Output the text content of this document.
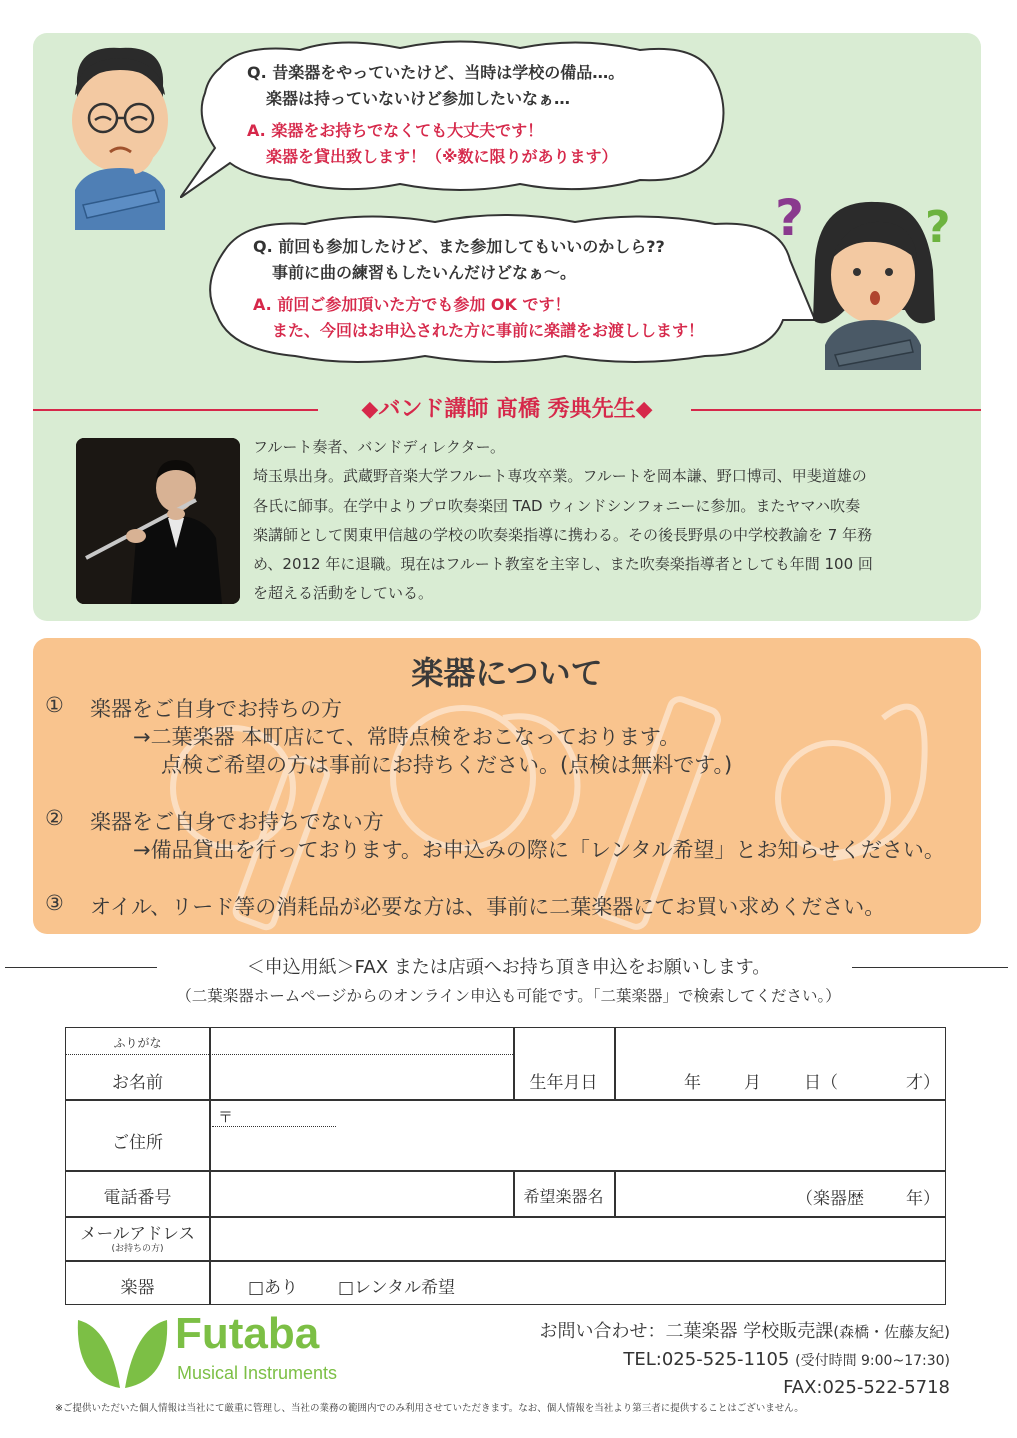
Q. 昔楽器をやっていたけど、当時は学校の備品…。
楽器は持っていないけど参加したいなぁ…
A. 楽器をお持ちでなくても大丈夫です！
楽器を貸出致します！（※数に限りがあります）
Q. 前回も参加したけど、また参加してもいいのかしら??
事前に曲の練習もしたいんだけどなぁ〜。
A. 前回ご参加頂いた方でも参加 OK です！
また、今回はお申込された方に事前に楽譜をお渡しします！
?	?
◆バンド講師 髙橋 秀典先生◆
フルート奏者、バンドディレクター。
埼玉県出身。武蔵野音楽大学フルート専攻卒業。フルートを岡本謙、野口博司、甲斐道雄の
各氏に師事。在学中よりプロ吹奏楽団 TAD ウィンドシンフォニーに参加。またヤマハ吹奏
楽講師として関東甲信越の学校の吹奏楽指導に携わる。その後長野県の中学校教諭を 7 年務
め、2012 年に退職。現在はフルート教室を主宰し、また吹奏楽指導者としても年間 100 回
を超える活動をしている。
楽器について
① 楽器をご自身でお持ちの方
→二葉楽器 本町店にて、常時点検をおこなっております。
点検ご希望の方は事前にお持ちください。(点検は無料です。)
② 楽器をご自身でお持ちでない方
→備品貸出を行っております。お申込みの際に「レンタル希望」とお知らせください。
③ オイル、リード等の消耗品が必要な方は、事前に二葉楽器にてお買い求めください。
＜申込用紙＞FAX または店頭へお持ち頂き申込をお願いします。
（二葉楽器ホームページからのオンライン申込も可能です。「二葉楽器」で検索してください。）
ふりがな
お名前	生年月日	年	月	日（	才）
ご住所
〒
電話番号	希望楽器名	（楽器歴 年）
メールアドレス
(お持ちの方)
楽器	□あり □レンタル希望
Futaba
Musical Instruments
お問い合わせ：二葉楽器 学校販売課(森橋・佐藤友紀)
TEL:025-525-1105 (受付時間 9:00~17:30)
FAX:025-522-5718
※ご提供いただいた個人情報は当社にて厳重に管理し、当社の業務の範囲内でのみ利用させていただきます。なお、個人情報を当社より第三者に提供することはございません。
